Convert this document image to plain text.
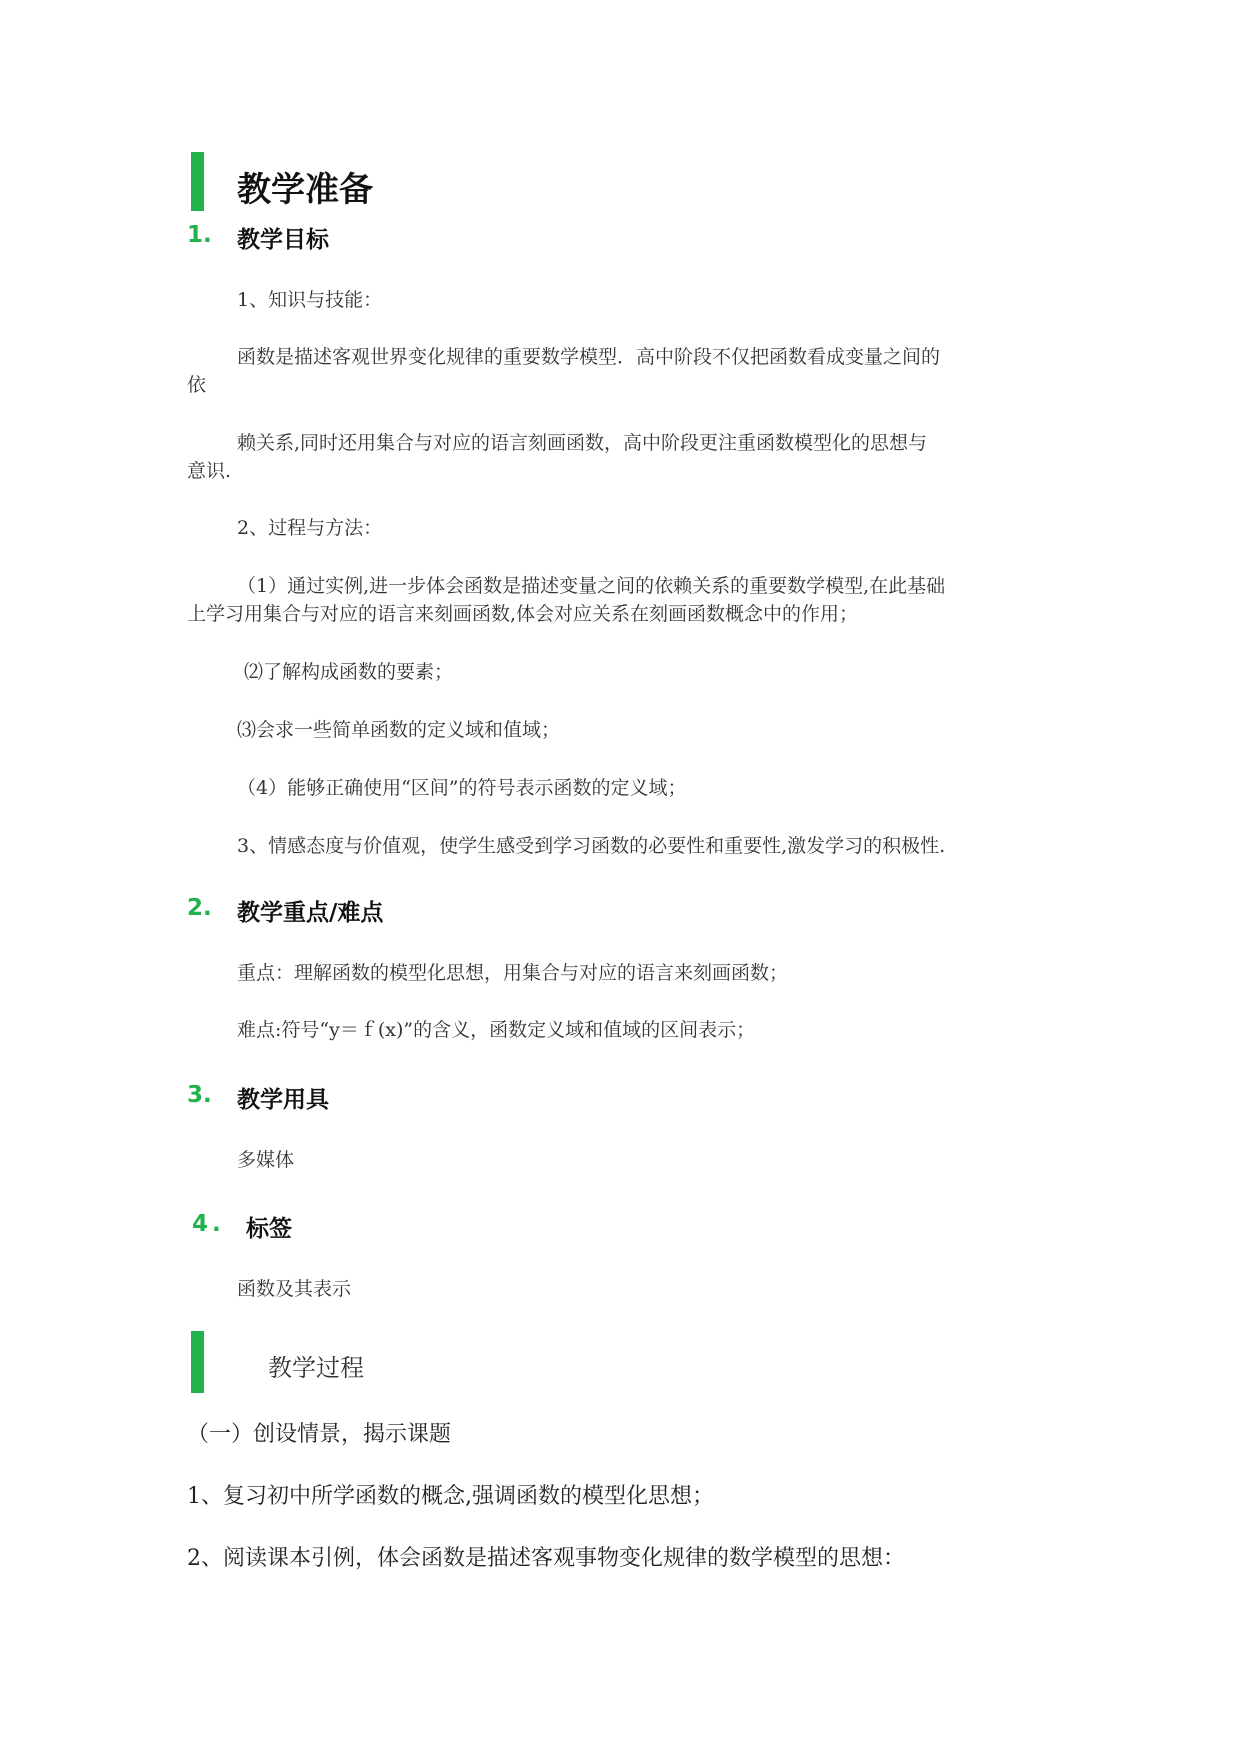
教学准备
1. 教学目标
1、知识与技能：
函数是描述客观世界变化规律的重要数学模型．高中阶段不仅把函数看成变量之间的
依
赖关系,同时还用集合与对应的语言刻画函数，高中阶段更注重函数模型化的思想与
意识.
2、过程与方法：
（1）通过实例,进一步体会函数是描述变量之间的依赖关系的重要数学模型,在此基础
上学习用集合与对应的语言来刻画函数,体会对应关系在刻画函数概念中的作用；
⑵了解构成函数的要素；
⑶会求一些简单函数的定义域和值域；
（4）能够正确使用“区间”的符号表示函数的定义域；
3、情感态度与价值观，使学生感受到学习函数的必要性和重要性,激发学习的积极性.
2. 教学重点/难点
重点：理解函数的模型化思想，用集合与对应的语言来刻画函数；
难点:符号“y＝ｆ(x)”的含义，函数定义域和值域的区间表示；
3. 教学用具
多媒体
4. 标签
函数及其表示
教学过程
（一）创设情景，揭示课题
1、复习初中所学函数的概念,强调函数的模型化思想；
2、阅读课本引例，体会函数是描述客观事物变化规律的数学模型的思想：
